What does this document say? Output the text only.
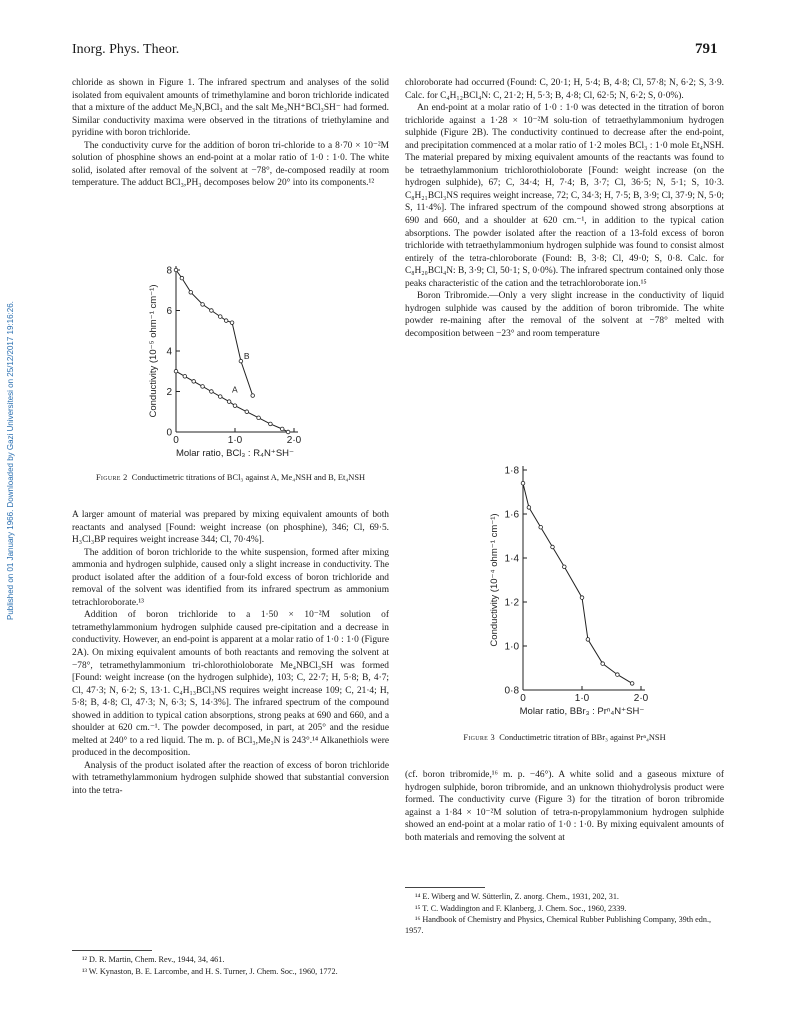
Inorg. Phys. Theor.	791
Published on 01 January 1966. Downloaded by Gazi Universitesi on 25/12/2017 19:16:26.

chloride as shown in Figure 1. The infrared spectrum and analyses of the solid isolated from equivalent amounts of trimethylamine and boron trichloride indicated that a mixture of the adduct Me₃N,BCl₃ and the salt Me₃NH⁺BCl₃SH⁻ had formed. Similar conductivity maxima were observed in the titrations of triethylamine and pyridine with boron trichloride.

The conductivity curve for the addition of boron tri-chloride to a 8·70 × 10⁻²M solution of phosphine shows an end-point at a molar ratio of 1·0 : 1·0. The white solid, isolated after removal of the solvent at −78°, de-composed readily at room temperature. The adduct BCl₃,PH₃ decomposes below 20° into its components.¹²

0	1·0	2·0
0
2
4
6
8
Molar ratio, BCl₃ : R₄N⁺SH⁻
Conductivity (10⁻⁵ ohm⁻¹ cm⁻¹)	A
B
Figure 2 Conductimetric titrations of BCl₃ against A, Me₄NSH and B, Et₄NSH

A larger amount of material was prepared by mixing equivalent amounts of both reactants and analysed [Found: weight increase (on phosphine), 346; Cl, 69·5. H₃Cl₃BP requires weight increase 344; Cl, 70·4%].

The addition of boron trichloride to the white suspension, formed after mixing ammonia and hydrogen sulphide, caused only a slight increase in conductivity. The product isolated after the addition of a four-fold excess of boron trichloride and removal of the solvent was identified from its infrared spectrum as ammonium tetrachloroborate.¹³

Addition of boron trichloride to a 1·50 × 10⁻²M solution of tetramethylammonium hydrogen sulphide caused pre-cipitation and a decrease in conductivity. However, an end-point is apparent at a molar ratio of 1·0 : 1·0 (Figure 2A). On mixing equivalent amounts of both reactants and removing the solvent at −78°, tetramethylammonium tri-chlorothioloborate Me₄NBCl₃SH was formed [Found: weight increase (on the hydrogen sulphide), 103; C, 22·7; H, 5·8; B, 4·7; Cl, 47·3; N, 6·2; S, 13·1. C₄H₁₃BCl₃NS requires weight increase 109; C, 21·4; H, 5·8; B, 4·8; Cl, 47·3; N, 6·3; S, 14·3%]. The infrared spectrum of the compound showed in addition to typical cation absorptions, strong peaks at 690 and 660, and a shoulder at 620 cm.⁻¹. The powder decomposed, in part, at 205° and the residue melted at 240° to a red liquid. The m. p. of BCl₃,Me₃N is 243°.¹⁴ Alkanethiols were produced in the decomposition.

Analysis of the product isolated after the reaction of excess of boron trichloride with tetramethylammonium hydrogen sulphide showed that substantial conversion into the tetra-

¹² D. R. Martin, Chem. Rev., 1944, 34, 461.

¹³ W. Kynaston, B. E. Larcombe, and H. S. Turner, J. Chem. Soc., 1960, 1772.

chloroborate had occurred (Found: C, 20·1; H, 5·4; B, 4·8; Cl, 57·8; N, 6·2; S, 3·9. Calc. for C₄H₁₂BCl₄N: C, 21·2; H, 5·3; B, 4·8; Cl, 62·5; N, 6·2; S, 0·0%).

An end-point at a molar ratio of 1·0 : 1·0 was detected in the titration of boron trichloride against a 1·28 × 10⁻²M solu-tion of tetraethylammonium hydrogen sulphide (Figure 2B). The conductivity continued to decrease after the end-point, and precipitation commenced at a molar ratio of 1·2 moles BCl₃ : 1·0 mole Et₄NSH. The material prepared by mixing equivalent amounts of the reactants was found to be tetraethylammonium trichlorothioloborate [Found: weight increase (on the hydrogen sulphide), 67; C, 34·4; H, 7·4; B, 3·7; Cl, 36·5; N, 5·1; S, 10·3. C₈H₂₁BCl₃NS requires weight increase, 72; C, 34·3; H, 7·5; B, 3·9; Cl, 37·9; N, 5·0; S, 11·4%]. The infrared spectrum of the compound showed strong absorptions at 690 and 660, and a shoulder at 620 cm.⁻¹, in addition to the typical cation absorptions. The powder isolated after the reaction of a 13-fold excess of boron trichloride with tetraethylammonium hydrogen sulphide was found to consist almost entirely of the tetra-chloroborate (Found: B, 3·8; Cl, 49·0; S, 0·8. Calc. for C₈H₂₀BCl₄N: B, 3·9; Cl, 50·1; S, 0·0%). The infrared spectrum contained only those peaks characteristic of the cation and the tetrachloroborate ion.¹⁵

Boron Tribromide.—Only a very slight increase in the conductivity of liquid hydrogen sulphide was caused by the addition of boron tribromide. The white powder re-maining after the removal of the solvent at −78° melted with decomposition between −23° and room temperature

0	1·0	2·0
0·8
1·0
1·2
1·4
1·6
1·8
Molar ratio, BBr₃ : Prⁿ₄N⁺SH⁻
Conductivity (10⁻⁴ ohm⁻¹ cm⁻¹)
Figure 3 Conductimetric titration of BBr₃ against Prⁿ₄NSH

(cf. boron tribromide,¹⁶ m. p. −46°). A white solid and a gaseous mixture of hydrogen sulphide, boron tribromide, and an unknown thiohydrolysis product were formed. The conductivity curve (Figure 3) for the titration of boron tribromide against a 1·84 × 10⁻²M solution of tetra-n-propylammonium hydrogen sulphide showed an end-point at a molar ratio of 1·0 : 1·0. By mixing equivalent amounts of both materials and removing the solvent at

¹⁴ E. Wiberg and W. Sütterlin, Z. anorg. Chem., 1931, 202, 31.

¹⁵ T. C. Waddington and F. Klanberg, J. Chem. Soc., 1960, 2339.

¹⁶ Handbook of Chemistry and Physics, Chemical Rubber Publishing Company, 39th edn., 1957.
